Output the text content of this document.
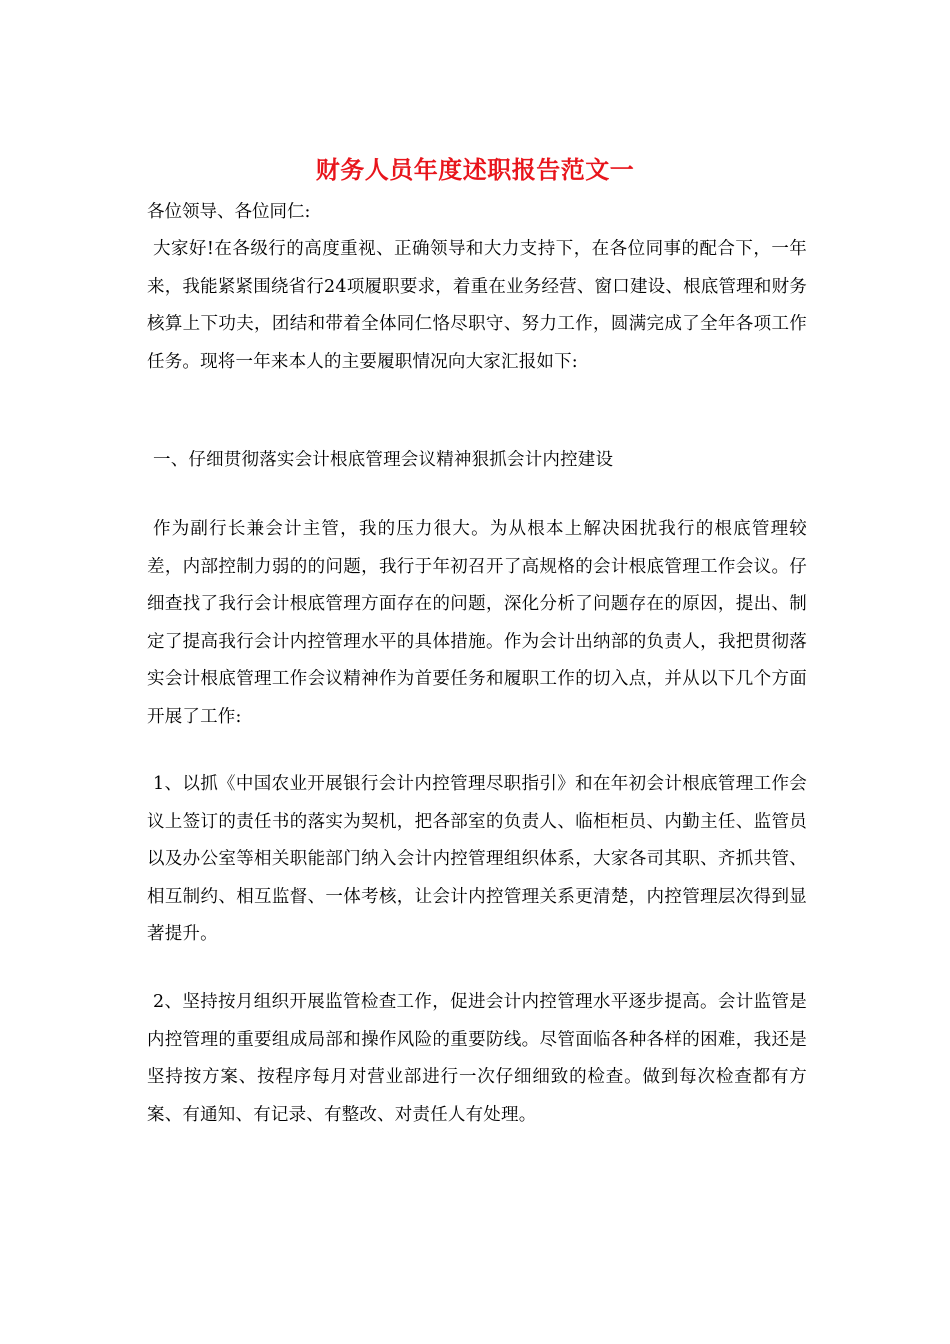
财务人员年度述职报告范文一
各位领导、各位同仁:
大家好!在各级行的高度重视、正确领导和大力支持下，在各位同事的配合下，一年来，我能紧紧围绕省行24项履职要求，着重在业务经营、窗口建设、根底管理和财务核算上下功夫，团结和带着全体同仁恪尽职守、努力工作，圆满完成了全年各项工作任务。现将一年来本人的主要履职情况向大家汇报如下:
一、仔细贯彻落实会计根底管理会议精神狠抓会计内控建设
作为副行长兼会计主管，我的压力很大。为从根本上解决困扰我行的根底管理较差，内部控制力弱的的问题，我行于年初召开了高规格的会计根底管理工作会议。仔细查找了我行会计根底管理方面存在的问题，深化分析了问题存在的原因，提出、制定了提高我行会计内控管理水平的具体措施。作为会计出纳部的负责人，我把贯彻落实会计根底管理工作会议精神作为首要任务和履职工作的切入点，并从以下几个方面开展了工作:
1、以抓《中国农业开展银行会计内控管理尽职指引》和在年初会计根底管理工作会议上签订的责任书的落实为契机，把各部室的负责人、临柜柜员、内勤主任、监管员以及办公室等相关职能部门纳入会计内控管理组织体系，大家各司其职、齐抓共管、相互制约、相互监督、一体考核，让会计内控管理关系更清楚，内控管理层次得到显著提升。
2、坚持按月组织开展监管检查工作，促进会计内控管理水平逐步提高。会计监管是内控管理的重要组成局部和操作风险的重要防线。尽管面临各种各样的困难，我还是坚持按方案、按程序每月对营业部进行一次仔细细致的检查。做到每次检查都有方案、有通知、有记录、有整改、对责任人有处理。
